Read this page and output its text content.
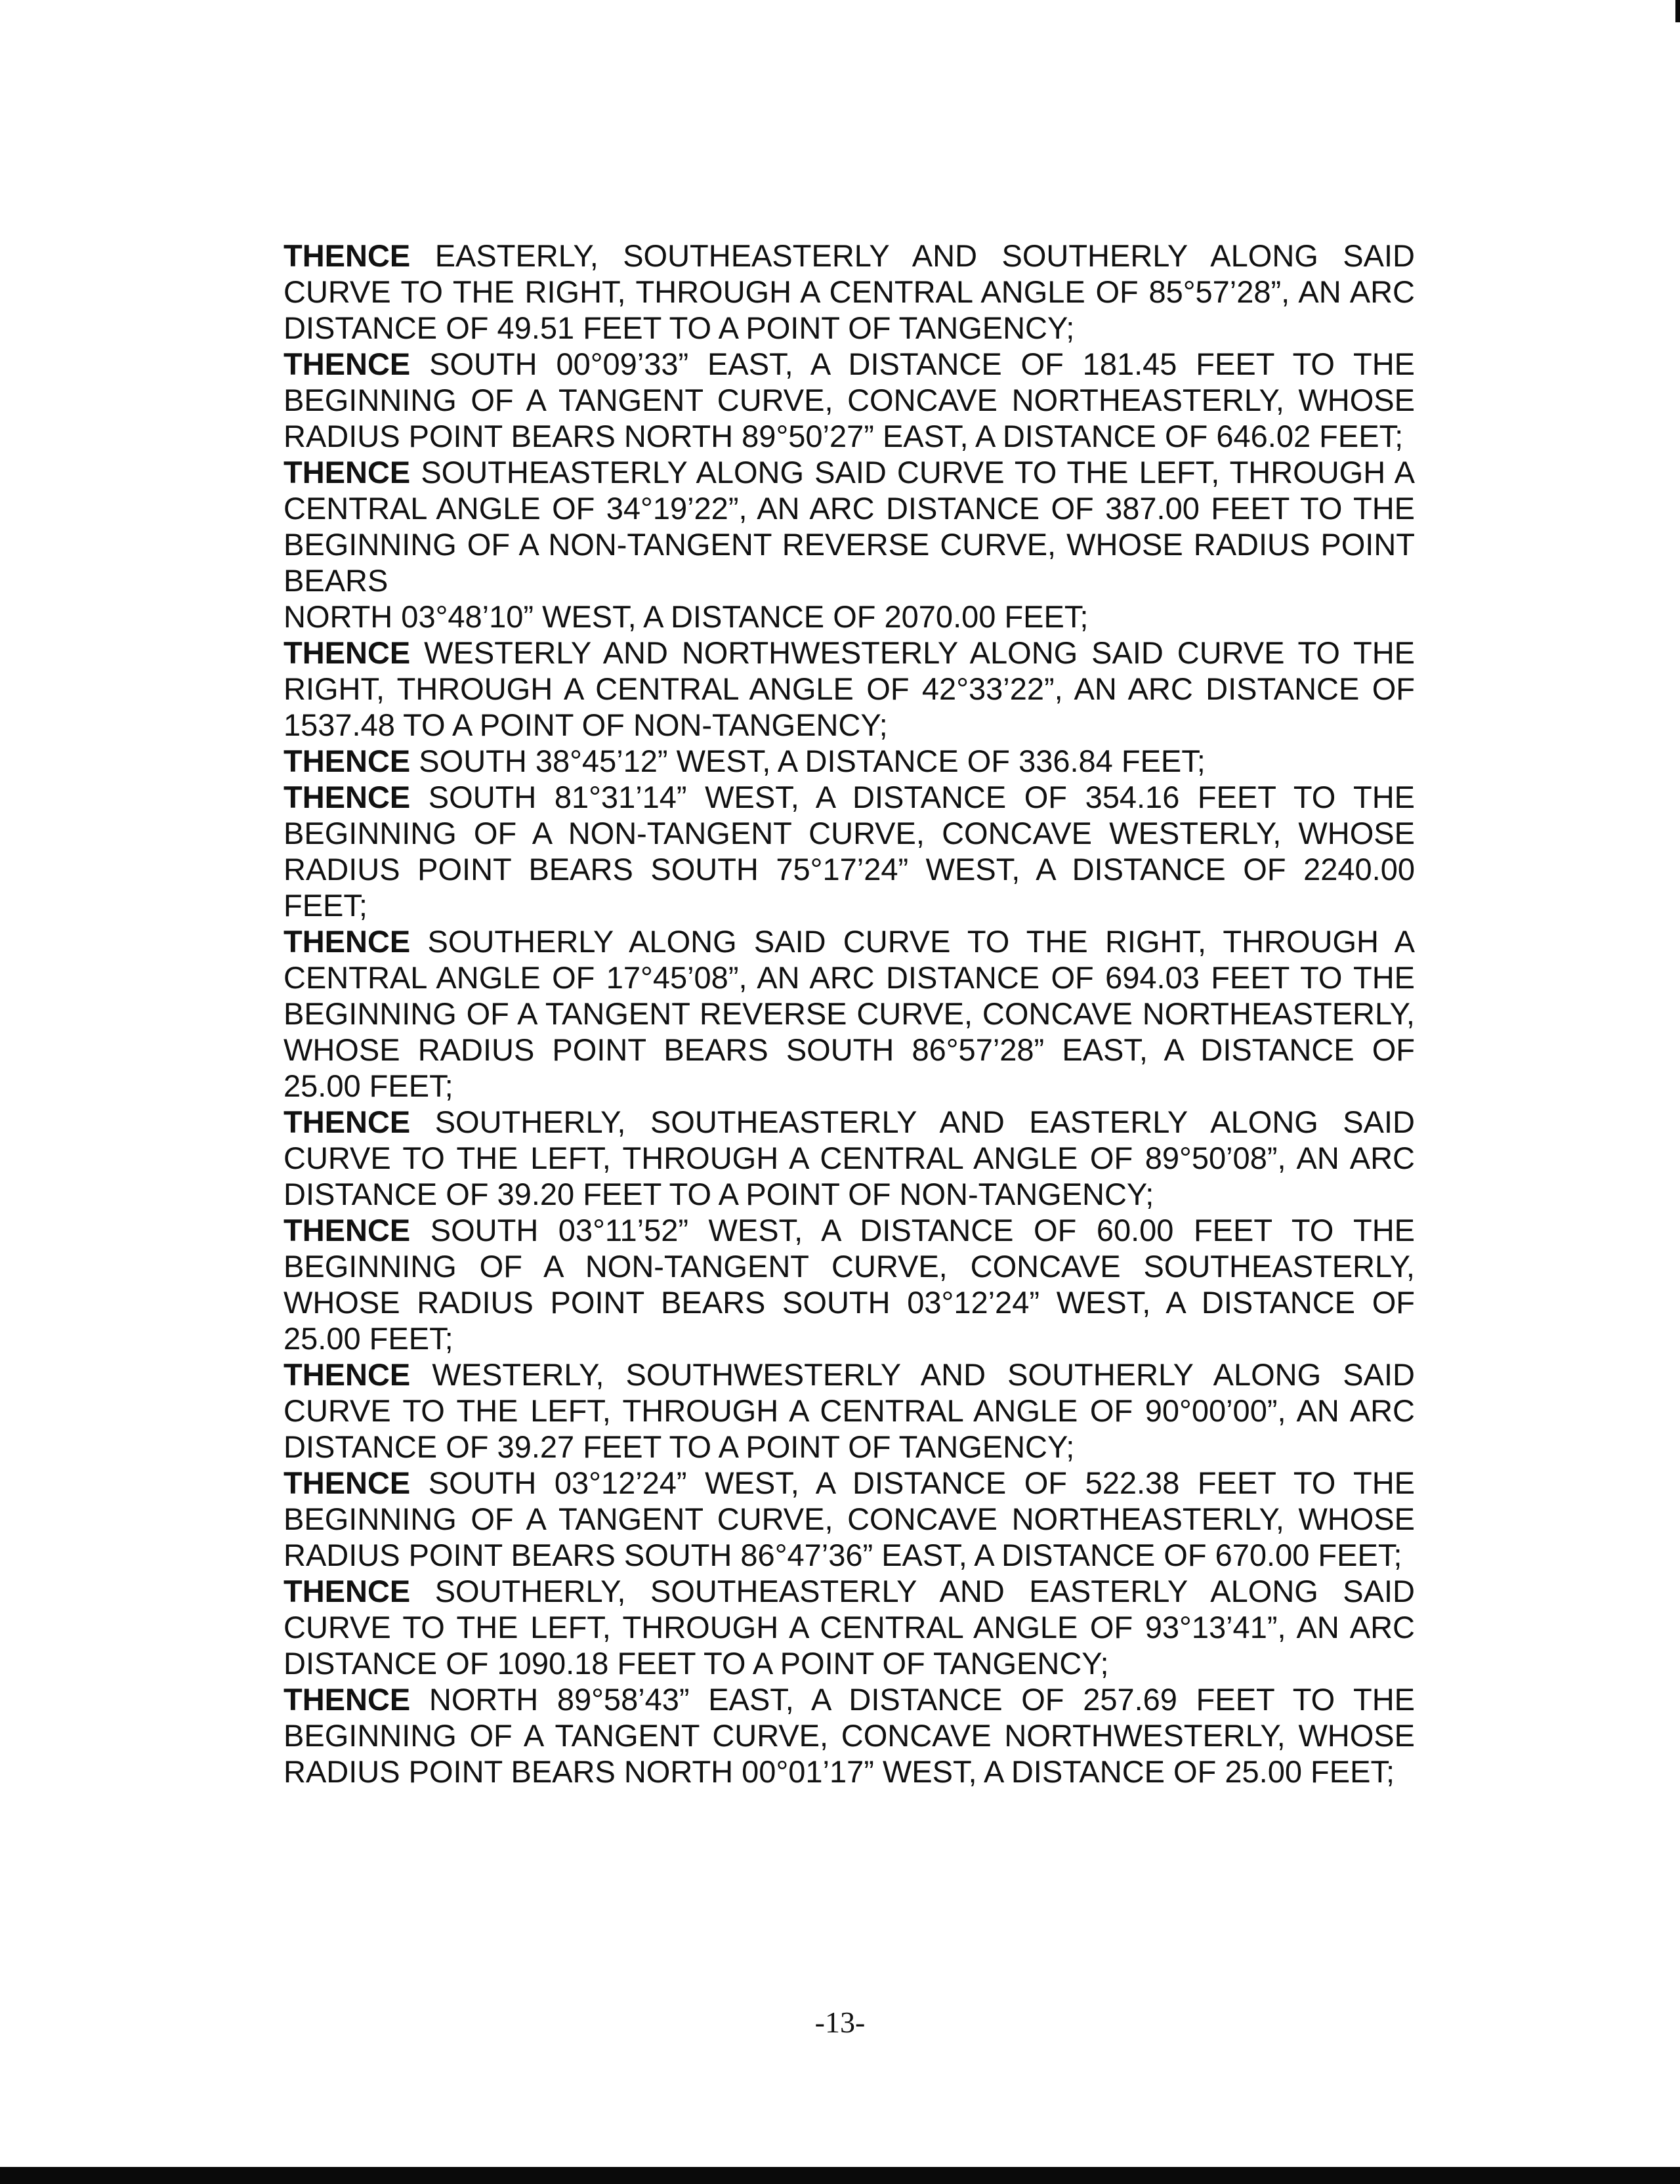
THENCE EASTERLY, SOUTHEASTERLY AND SOUTHERLY ALONG SAID CURVE TO THE RIGHT, THROUGH A CENTRAL ANGLE OF 85°57’28”, AN ARC DISTANCE OF 49.51 FEET TO A POINT OF TANGENCY;

THENCE SOUTH 00°09’33” EAST, A DISTANCE OF 181.45 FEET TO THE BEGINNING OF A TANGENT CURVE, CONCAVE NORTHEASTERLY, WHOSE RADIUS POINT BEARS NORTH 89°50’27” EAST, A DISTANCE OF 646.02 FEET;

THENCE SOUTHEASTERLY ALONG SAID CURVE TO THE LEFT, THROUGH A CENTRAL ANGLE OF 34°19’22”, AN ARC DISTANCE OF 387.00 FEET TO THE BEGINNING OF A NON-TANGENT REVERSE CURVE, WHOSE RADIUS POINT BEARS

NORTH 03°48’10” WEST, A DISTANCE OF 2070.00 FEET;

THENCE WESTERLY AND NORTHWESTERLY ALONG SAID CURVE TO THE RIGHT, THROUGH A CENTRAL ANGLE OF 42°33’22”, AN ARC DISTANCE OF 1537.48 TO A POINT OF NON-TANGENCY;

THENCE SOUTH 38°45’12” WEST, A DISTANCE OF 336.84 FEET;

THENCE SOUTH 81°31’14” WEST, A DISTANCE OF 354.16 FEET TO THE BEGINNING OF A NON-TANGENT CURVE, CONCAVE WESTERLY, WHOSE RADIUS POINT BEARS SOUTH 75°17’24” WEST, A DISTANCE OF 2240.00 FEET;

THENCE SOUTHERLY ALONG SAID CURVE TO THE RIGHT, THROUGH A CENTRAL ANGLE OF 17°45’08”, AN ARC DISTANCE OF 694.03 FEET TO THE BEGINNING OF A TANGENT REVERSE CURVE, CONCAVE NORTHEASTERLY, WHOSE RADIUS POINT BEARS SOUTH 86°57’28” EAST, A DISTANCE OF 25.00 FEET;

THENCE SOUTHERLY, SOUTHEASTERLY AND EASTERLY ALONG SAID CURVE TO THE LEFT, THROUGH A CENTRAL ANGLE OF 89°50’08”, AN ARC DISTANCE OF 39.20 FEET TO A POINT OF NON-TANGENCY;

THENCE SOUTH 03°11’52” WEST, A DISTANCE OF 60.00 FEET TO THE BEGINNING OF A NON-TANGENT CURVE, CONCAVE SOUTHEASTERLY, WHOSE RADIUS POINT BEARS SOUTH 03°12’24” WEST, A DISTANCE OF 25.00 FEET;

THENCE WESTERLY, SOUTHWESTERLY AND SOUTHERLY ALONG SAID CURVE TO THE LEFT, THROUGH A CENTRAL ANGLE OF 90°00’00”, AN ARC DISTANCE OF 39.27 FEET TO A POINT OF TANGENCY;

THENCE SOUTH 03°12’24” WEST, A DISTANCE OF 522.38 FEET TO THE BEGINNING OF A TANGENT CURVE, CONCAVE NORTHEASTERLY, WHOSE RADIUS POINT BEARS SOUTH 86°47’36” EAST, A DISTANCE OF 670.00 FEET;

THENCE SOUTHERLY, SOUTHEASTERLY AND EASTERLY ALONG SAID CURVE TO THE LEFT, THROUGH A CENTRAL ANGLE OF 93°13’41”, AN ARC DISTANCE OF 1090.18 FEET TO A POINT OF TANGENCY;

THENCE NORTH 89°58’43” EAST, A DISTANCE OF 257.69 FEET TO THE BEGINNING OF A TANGENT CURVE, CONCAVE NORTHWESTERLY, WHOSE RADIUS POINT BEARS NORTH 00°01’17” WEST, A DISTANCE OF 25.00 FEET;

-13-
